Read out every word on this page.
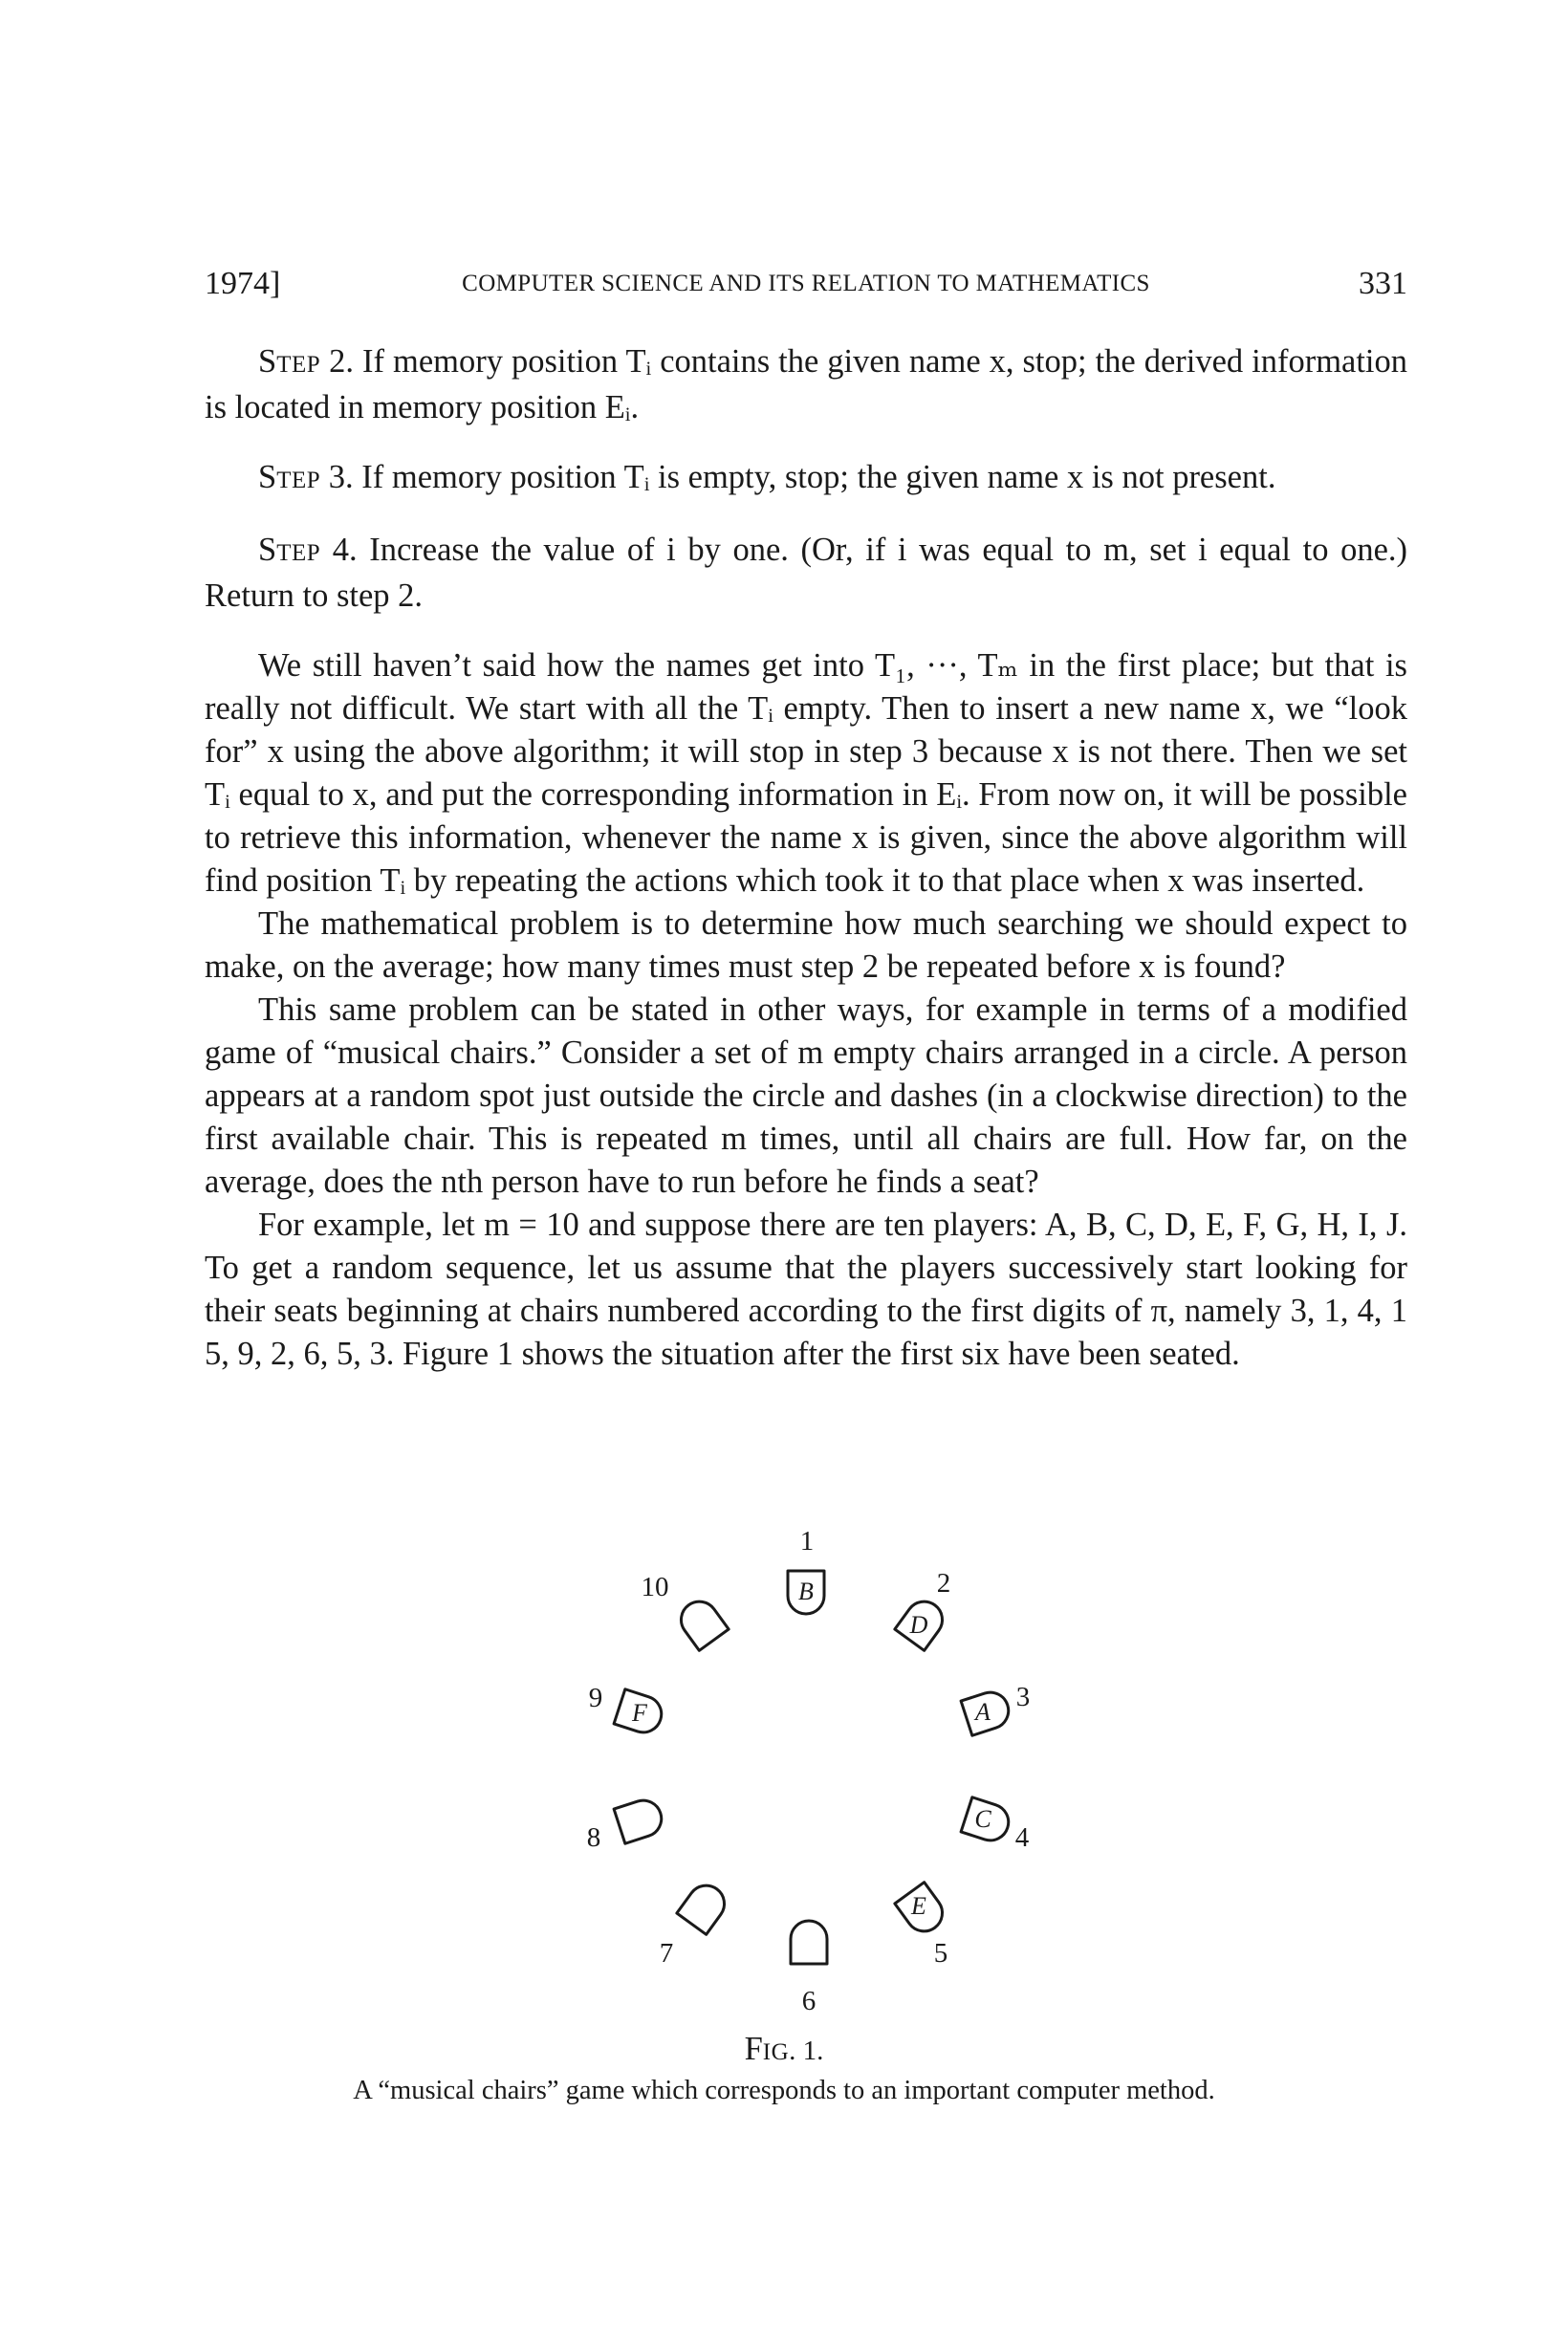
1974]	COMPUTER SCIENCE AND ITS RELATION TO MATHEMATICS	331

STEP 2. If memory position Tᵢ contains the given name x, stop; the derived information is located in memory position Eᵢ.

STEP 3. If memory position Tᵢ is empty, stop; the given name x is not present.

STEP 4. Increase the value of i by one. (Or, if i was equal to m, set i equal to one.) Return to step 2.

We still haven’t said how the names get into T₁, ···, Tₘ in the first place; but that is really not difficult. We start with all the Tᵢ empty. Then to insert a new name x, we “look for” x using the above algorithm; it will stop in step 3 because x is not there. Then we set Tᵢ equal to x, and put the corresponding information in Eᵢ. From now on, it will be possible to retrieve this information, whenever the name x is given, since the above algorithm will find position Tᵢ by repeating the actions which took it to that place when x was inserted.

The mathematical problem is to determine how much searching we should expect to make, on the average; how many times must step 2 be repeated before x is found?

This same problem can be stated in other ways, for example in terms of a modified game of “musical chairs.” Consider a set of m empty chairs arranged in a circle. A person appears at a random spot just outside the circle and dashes (in a clockwise direction) to the first available chair. This is repeated m times, until all chairs are full. How far, on the average, does the nth person have to run before he finds a seat?

For example, let m = 10 and suppose there are ten players: A, B, C, D, E, F, G, H, I, J. To get a random sequence, let us assume that the players successively start looking for their seats beginning at chairs numbered according to the first digits of π, namely 3, 1, 4, 1 5, 9, 2, 6, 5, 3. Figure 1 shows the situation after the first six have been seated.

B
D
A
C
E
F
1
2
3
4
5
6
7
8
9
10
FIG. 1.
A “musical chairs” game which corresponds to an important computer method.
